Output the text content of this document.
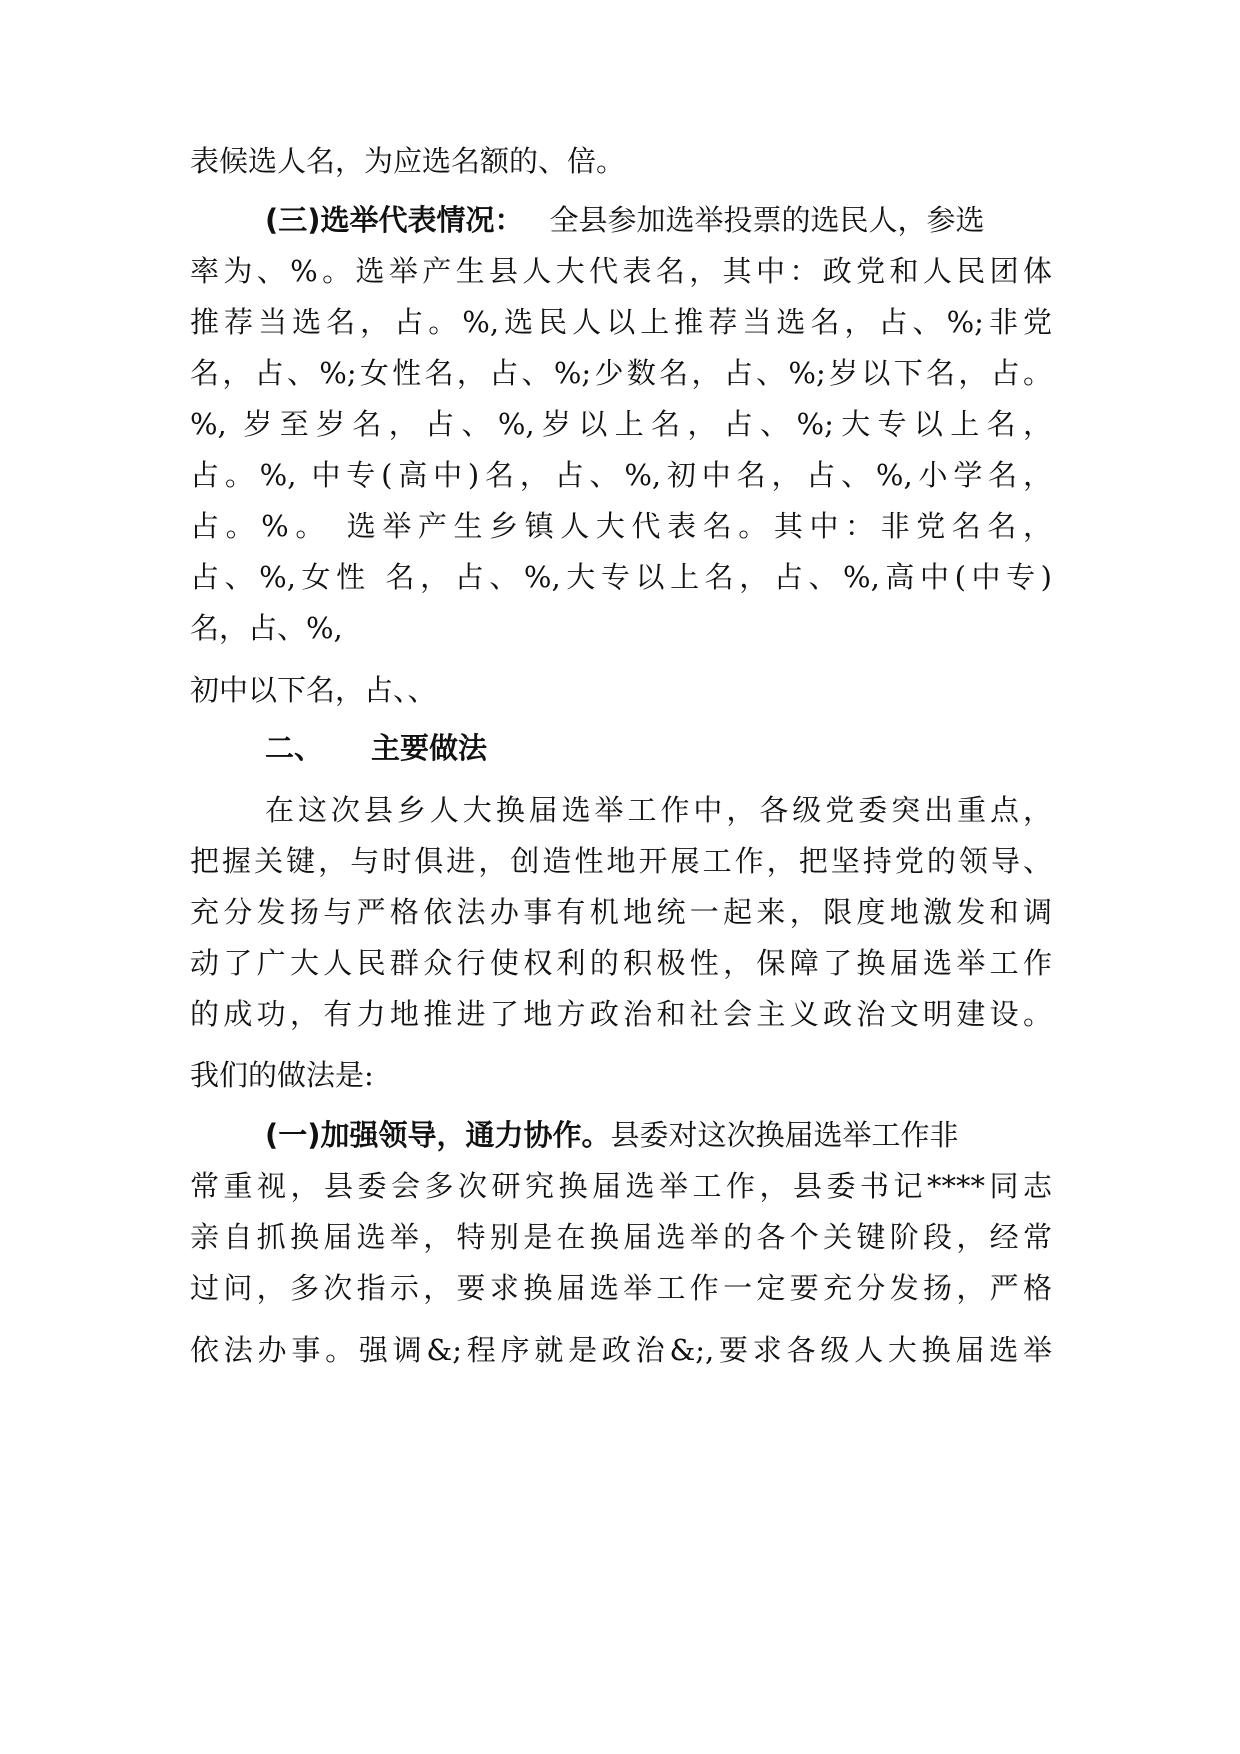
表候选人名，为应选名额的、倍。
(三)选举代表情况： 全县参加选举投票的选民人，参选
率为、%。选举产生县人大代表名，其中：政党和人民团体
推荐当选名，占。%,选民人以上推荐当选名，占、%;非党
名，占、%;女性名，占、%;少数名，占、%;岁以下名，占。
%, 岁至岁名，占、%,岁以上名，占、%;大专以上名，
占。%, 中专(高中)名，占、%,初中名，占、%,小学名，
占。%。 选举产生乡镇人大代表名。其中：非党名名，
占、%,女性 名，占、%,大专以上名，占、%,高中(中专)
名，占、%,
初中以下名，占、、
二、 主要做法
在这次县乡人大换届选举工作中，各级党委突出重点，
把握关键，与时俱进，创造性地开展工作，把坚持党的领导、
充分发扬与严格依法办事有机地统一起来，限度地激发和调
动了广大人民群众行使权利的积极性，保障了换届选举工作
的成功，有力地推进了地方政治和社会主义政治文明建设。
我们的做法是:
(一)加强领导，通力协作。县委对这次换届选举工作非
常重视，县委会多次研究换届选举工作，县委书记****同志
亲自抓换届选举，特别是在换届选举的各个关键阶段，经常
过问，多次指示，要求换届选举工作一定要充分发扬，严格
依法办事。强调&;程序就是政治&;,要求各级人大换届选举
